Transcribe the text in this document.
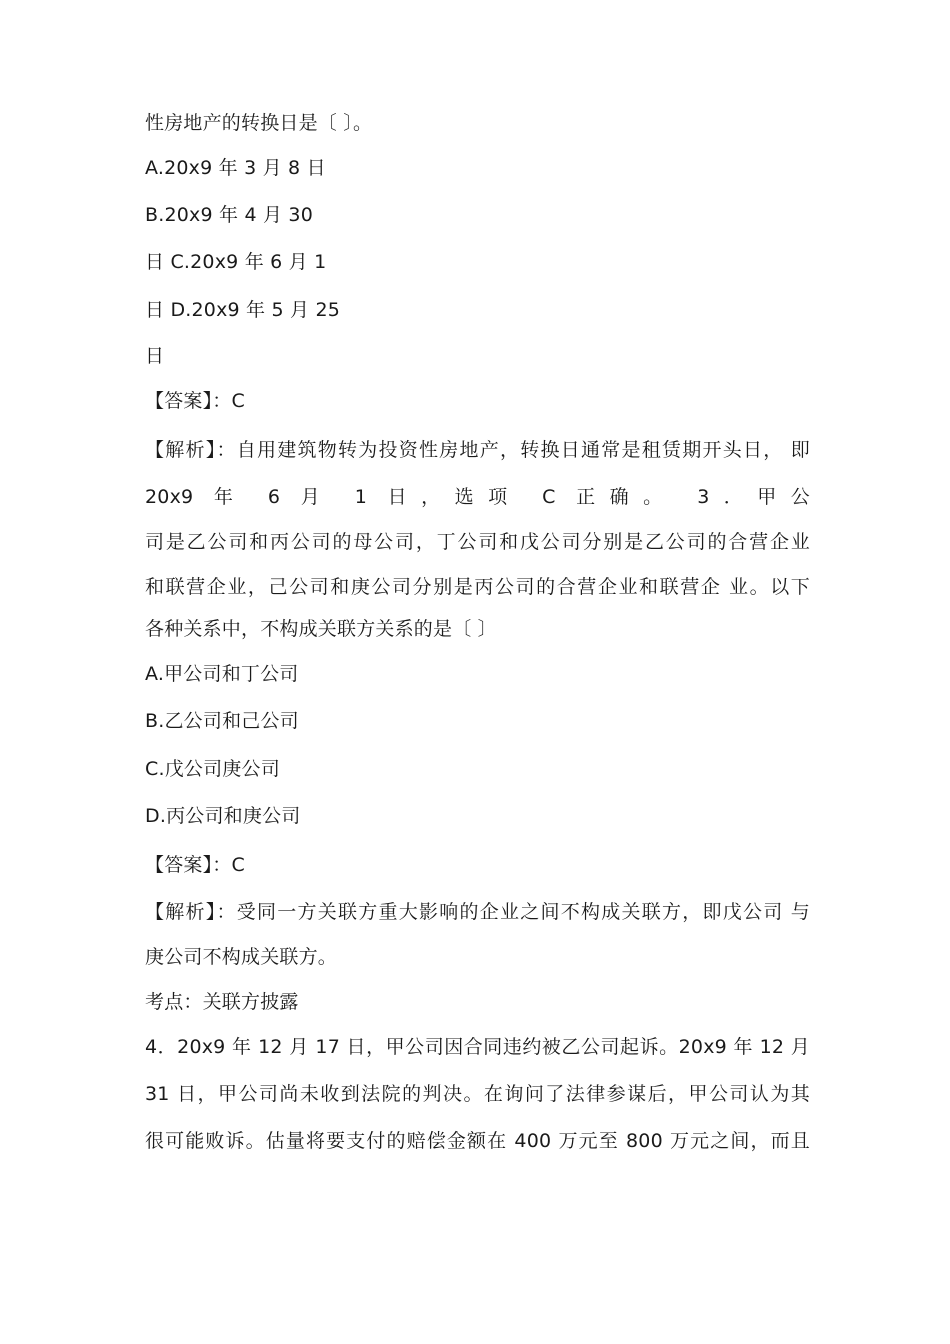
性房地产的转换日是〔 〕。
A.20x9 年 3 月 8 日
B.20x9 年 4 月 30
日 C.20x9 年 6 月 1
日 D.20x9 年 5 月 25
日
【答案】：C
【解析】：自用建筑物转为投资性房地产，转换日通常是租赁期开头日， 即
20x9 年 6 月 1 日，选项 C 正确。 3．甲公
司是乙公司和丙公司的母公司，丁公司和戊公司分别是乙公司的合营企业
和联营企业，己公司和庚公司分别是丙公司的合营企业和联营企 业。以下
各种关系中，不构成关联方关系的是〔 〕
A.甲公司和丁公司
B.乙公司和己公司
C.戊公司庚公司
D.丙公司和庚公司
【答案】：C
【解析】：受同一方关联方重大影响的企业之间不构成关联方，即戊公司 与
庚公司不构成关联方。
考点：关联方披露
4．20x9 年 12 月 17 日，甲公司因合同违约被乙公司起诉。20x9 年 12 月
31 日，甲公司尚未收到法院的判决。在询问了法律参谋后，甲公司认为其
很可能败诉。估量将要支付的赔偿金额在 400 万元至 800 万元之间，而且
